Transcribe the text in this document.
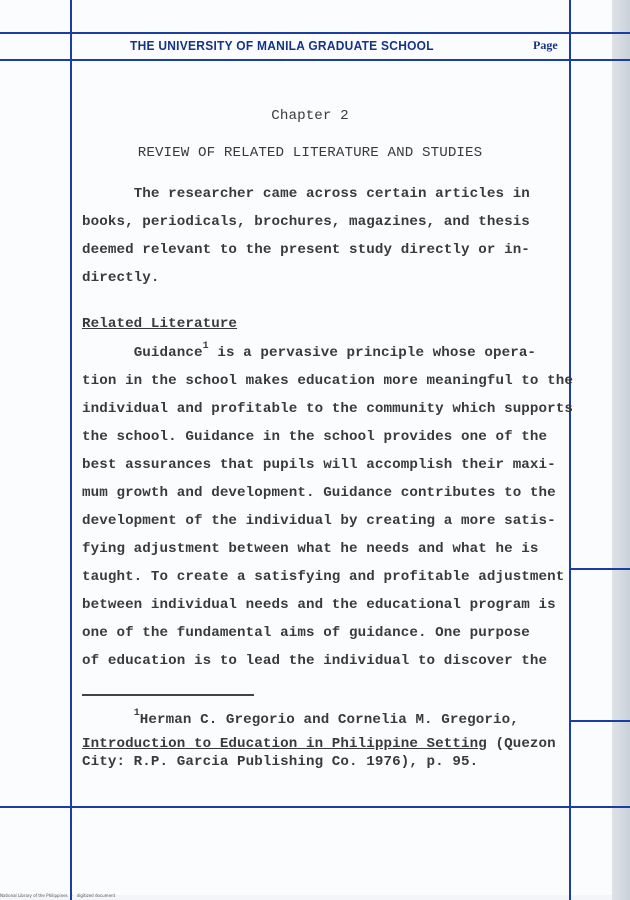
THE UNIVERSITY OF MANILA GRADUATE SCHOOL	Page
Chapter 2
REVIEW OF RELATED LITERATURE AND STUDIES
The researcher came across certain articles in
books, periodicals, brochures, magazines, and thesis
deemed relevant to the present study directly or in-
directly.
Related Literature
Guidance$^1$ is a pervasive principle whose opera-
tion in the school makes education more meaningful to the
individual and profitable to the community which supports
the school. Guidance in the school provides one of the
best assurances that pupils will accomplish their maxi-
mum growth and development. Guidance contributes to the
development of the individual by creating a more satis-
fying adjustment between what he needs and what he is
taught. To create a satisfying and profitable adjustment
between individual needs and the educational program is
one of the fundamental aims of guidance. One purpose
of education is to lead the individual to discover the
$^1$Herman C. Gregorio and Cornelia M. Gregorio,
Introduction to Education in Philippine Setting (Quezon
City: R.P. Garcia Publishing Co. 1976), p. 95.
National Library of the Philippines   ·   digitized document
